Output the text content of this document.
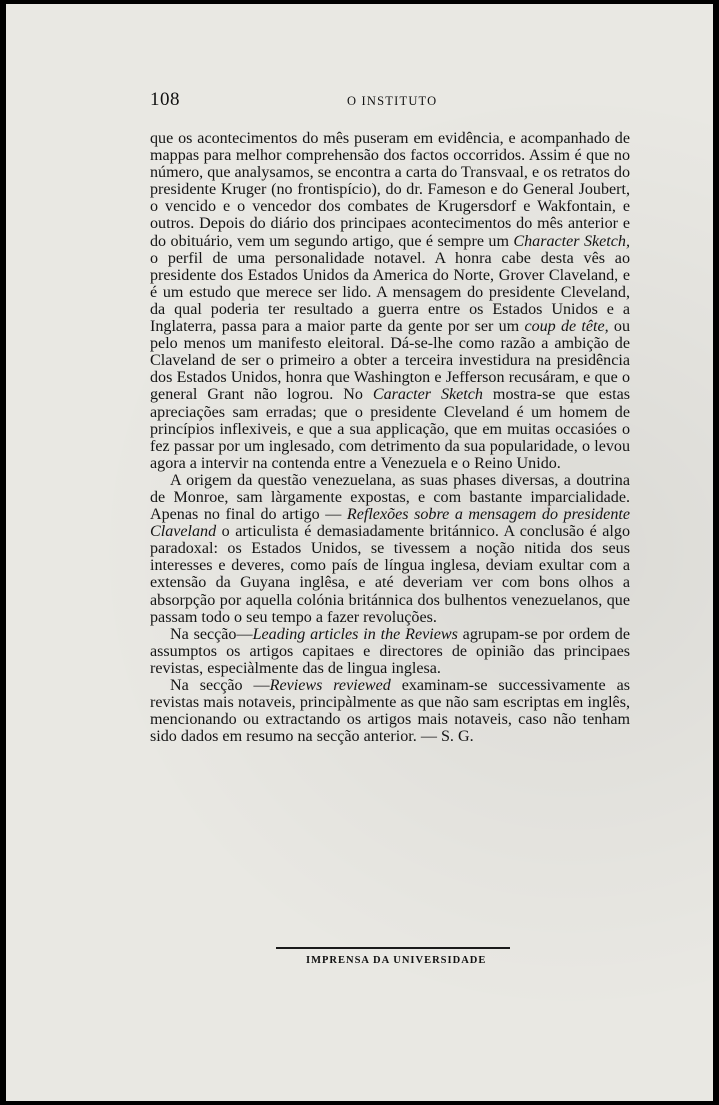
108	O INSTITUTO

que os acontecimentos do mês puseram em evidência, e acompanhado de mappas para melhor comprehensão dos factos occorridos. Assim é que no número, que analysamos, se encontra a carta do Transvaal, e os retratos do presidente Kruger (no frontispício), do dr. Fameson e do General Joubert, o vencido e o vencedor dos combates de Krugersdorf e Wakfontain, e outros. Depois do diário dos principaes acontecimentos do mês anterior e do obituário, vem um segundo artigo, que é sempre um Character Sketch, o perfil de uma personalidade notavel. A honra cabe desta vês ao presidente dos Estados Unidos da America do Norte, Grover Claveland, e é um estudo que merece ser lido. A mensagem do presidente Cleveland, da qual poderia ter resultado a guerra entre os Estados Unidos e a Inglaterra, passa para a maior parte da gente por ser um coup de tête, ou pelo menos um manifesto eleitoral. Dá-se-lhe como razão a ambição de Claveland de ser o primeiro a obter a terceira investidura na presidência dos Estados Unidos, honra que Washington e Jefferson recusáram, e que o general Grant não logrou. No Caracter Sketch mostra-se que estas apreciações sam erradas; que o presidente Cleveland é um homem de princípios inflexiveis, e que a sua applicação, que em muitas occasióes o fez passar por um inglesado, com detrimento da sua popularidade, o levou agora a intervir na contenda entre a Venezuela e o Reino Unido.

A origem da questão venezuelana, as suas phases diversas, a doutrina de Monroe, sam làrgamente expostas, e com bastante imparcialidade. Apenas no final do artigo — Reflexões sobre a mensagem do presidente Claveland o articulista é demasiadamente británnico. A conclusão é algo paradoxal: os Estados Unidos, se tivessem a noção nitida dos seus interesses e deveres, como país de língua inglesa, deviam exultar com a extensão da Guyana inglêsa, e até deveriam ver com bons olhos a absorpção por aquella colónia británnica dos bulhentos venezuelanos, que passam todo o seu tempo a fazer revoluções.

Na secção—Leading articles in the Reviews agrupam-se por ordem de assumptos os artigos capitaes e directores de opinião das principaes revistas, especiàlmente das de lingua inglesa.

Na secção —Reviews reviewed examinam-se successivamente as revistas mais notaveis, principàlmente as que não sam escriptas em inglês, mencionando ou extractando os artigos mais notaveis, caso não tenham sido dados em resumo na secção anterior. — S. G.

IMPRENSA DA UNIVERSIDADE
